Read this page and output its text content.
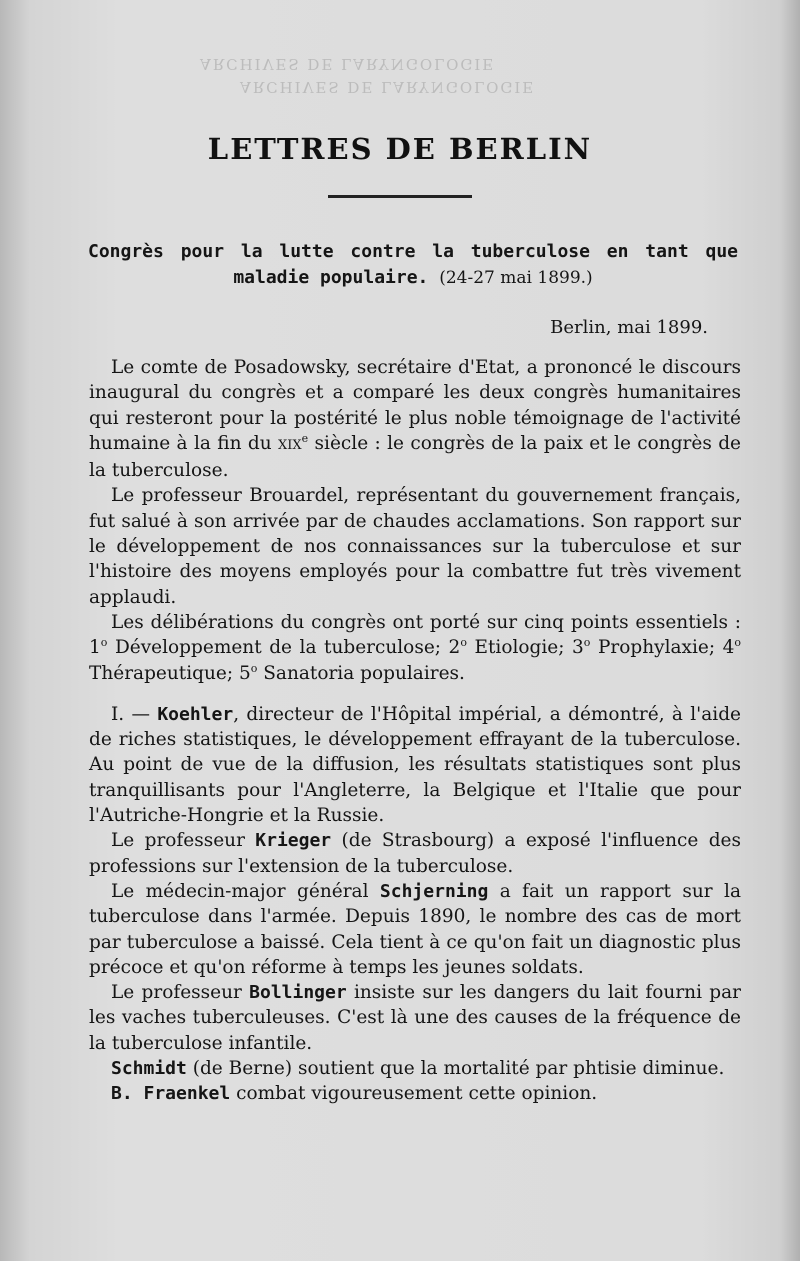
ARCHIVES DE LARYNGOLOGIE
ARCHIVES DE LARYNGOLOGIE
LETTRES DE BERLIN
Congrès pour la lutte contre la tuberculose en tant que maladie populaire. (24-27 mai 1899.)
Berlin, mai 1899.

Le comte de Posadowsky, secrétaire d'Etat, a prononcé le discours inaugural du congrès et a comparé les deux congrès humanitaires qui resteront pour la postérité le plus noble témoignage de l'activité humaine à la fin du XIXe siècle : le congrès de la paix et le congrès de la tuberculose.

Le professeur Brouardel, représentant du gouvernement français, fut salué à son arrivée par de chaudes acclamations. Son rapport sur le développement de nos connaissances sur la tuberculose et sur l'histoire des moyens employés pour la combattre fut très vivement applaudi.

Les délibérations du congrès ont porté sur cinq points essentiels : 1$^o$ Développement de la tuberculose; 2$^o$ Etiologie; 3$^o$ Prophylaxie; 4$^o$ Thérapeutique; 5$^o$ Sanatoria populaires.

I. — Koehler, directeur de l'Hôpital impérial, a démontré, à l'aide de riches statistiques, le développement effrayant de la tuberculose. Au point de vue de la diffusion, les résultats statistiques sont plus tranquillisants pour l'Angleterre, la Belgique et l'Italie que pour l'Autriche-Hongrie et la Russie.

Le professeur Krieger (de Strasbourg) a exposé l'influence des professions sur l'extension de la tuberculose.

Le médecin-major général Schjerning a fait un rapport sur la tuberculose dans l'armée. Depuis 1890, le nombre des cas de mort par tuberculose a baissé. Cela tient à ce qu'on fait un diagnostic plus précoce et qu'on réforme à temps les jeunes soldats.

Le professeur Bollinger insiste sur les dangers du lait fourni par les vaches tuberculeuses. C'est là une des causes de la fréquence de la tuberculose infantile.

Schmidt (de Berne) soutient que la mortalité par phtisie diminue.

B. Fraenkel combat vigoureusement cette opinion.
